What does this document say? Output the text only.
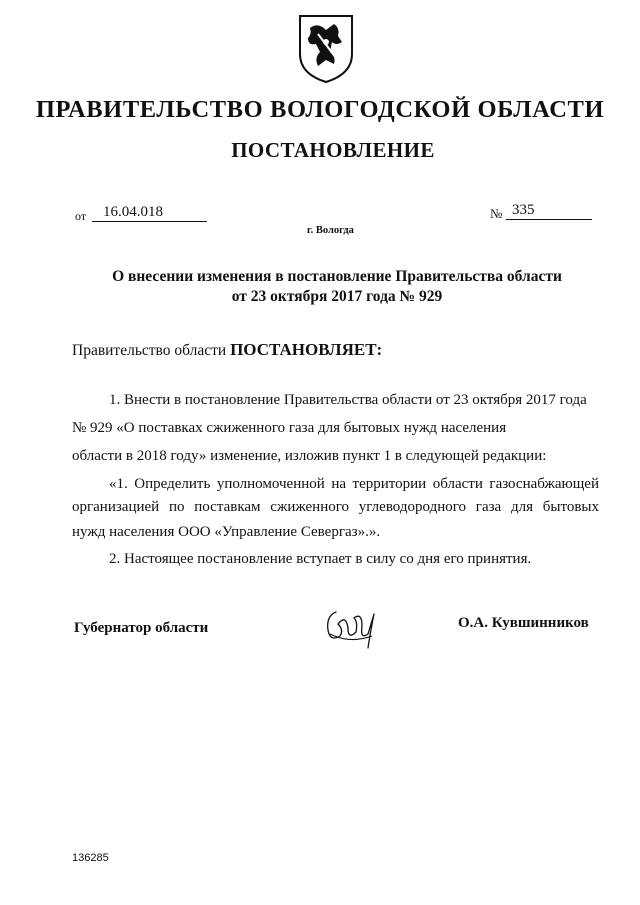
ПРАВИТЕЛЬСТВО ВОЛОГОДСКОЙ ОБЛАСТИ
ПОСТАНОВЛЕНИЕ
от 16.04.018	№ 335
г. Вологда
О внесении изменения в постановление Правительства области
от 23 октября 2017 года № 929
Правительство области ПОСТАНОВЛЯЕТ:
1. Внести в постановление Правительства области от 23 октября 2017 года
№ 929 «О поставках сжиженного газа для бытовых нужд населения
области в 2018 году» изменение, изложив пункт 1 в следующей редакции:
«1. Определить уполномоченной на территории области газоснабжающей
организацией по поставкам сжиженного углеводородного газа для бытовых
нужд населения ООО «Управление Севергаз».».
2. Настоящее постановление вступает в силу со дня его принятия.
Губернатор области	О.А. Кувшинников
136285
